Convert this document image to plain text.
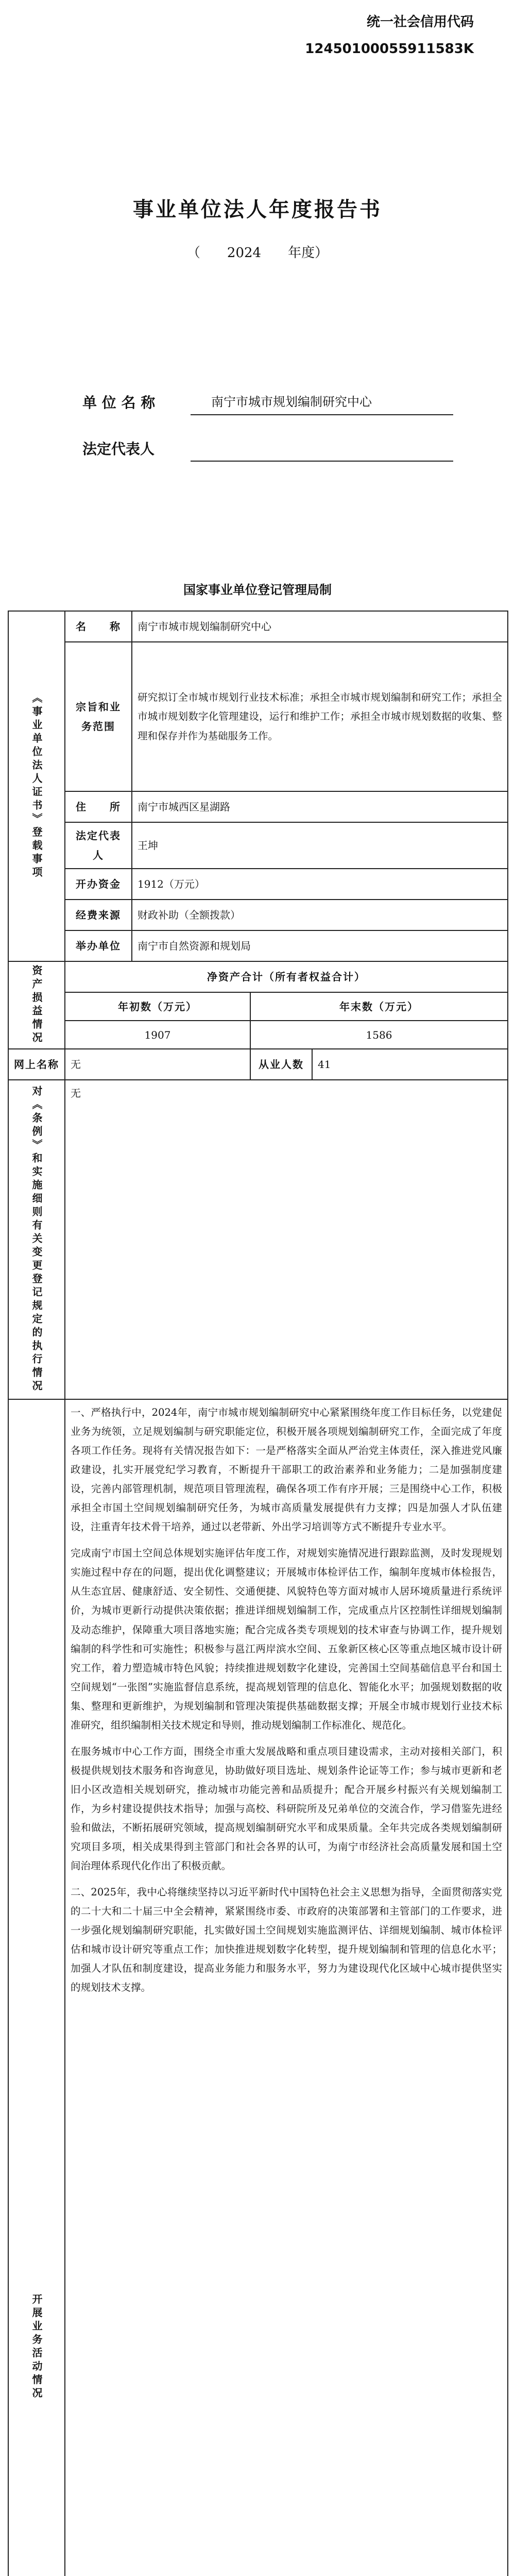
统一社会信用代码
12450100055911583K
事业单位法人年度报告书
（　　2024　　年度）
单 位 名 称	南宁市城市规划编制研究中心
法定代表人
国家事业单位登记管理局制
《事业单位法人证书》登载事项	名　　称	南宁市城市规划编制研究中心		
	宗旨和业务范围	研究拟订全市城市规划行业技术标准；承担全市城市规划编制和研究工作；承担全市城市规划数字化管理建设，运行和维护工作；承担全市城市规划数据的收集、整理和保存并作为基础服务工作。		
	住　　所	南宁市城西区星湖路		
	法定代表人	王坤		
	开办资金	1912（万元）		
	经费来源	财政补助（全额拨款）		
	举办单位	南宁市自然资源和规划局		

资产损益情况	净资产合计（所有者权益合计）			
	年初数（万元）		年末数（万元）	
	1907		1586	
网上名称	无		从业人数	41

对《条例》和实施细则有关变更登记规定的执行情况	无			

开展业务活动情况	一、严格执行中，2024年，南宁市城市规划编制研究中心紧紧围绕年度工作目标任务，以党建促业务为统领，立足规划编制与研究职能定位，积极开展各项规划编制研究工作，全面完成了年度各项工作任务。现将有关情况报告如下：一是严格落实全面从严治党主体责任，深入推进党风廉政建设，扎实开展党纪学习教育，不断提升干部职工的政治素养和业务能力；二是加强制度建设，完善内部管理机制，规范项目管理流程，确保各项工作有序开展；三是围绕中心工作，积极承担全市国土空间规划编制研究任务，为城市高质量发展提供有力支撑；四是加强人才队伍建设，注重青年技术骨干培养，通过以老带新、外出学习培训等方式不断提升专业水平。

完成南宁市国土空间总体规划实施评估年度工作，对规划实施情况进行跟踪监测，及时发现规划实施过程中存在的问题，提出优化调整建议；开展城市体检评估工作，编制年度城市体检报告，从生态宜居、健康舒适、安全韧性、交通便捷、风貌特色等方面对城市人居环境质量进行系统评价，为城市更新行动提供决策依据；推进详细规划编制工作，完成重点片区控制性详细规划编制及动态维护，保障重大项目落地实施；配合完成各类专项规划的技术审查与协调工作，提升规划编制的科学性和可实施性；积极参与邕江两岸滨水空间、五象新区核心区等重点地区城市设计研究工作，着力塑造城市特色风貌；持续推进规划数字化建设，完善国土空间基础信息平台和国土空间规划“一张图”实施监督信息系统，提高规划管理的信息化、智能化水平；加强规划数据的收集、整理和更新维护，为规划编制和管理决策提供基础数据支撑；开展全市城市规划行业技术标准研究，组织编制相关技术规定和导则，推动规划编制工作标准化、规范化。

在服务城市中心工作方面，围绕全市重大发展战略和重点项目建设需求，主动对接相关部门，积极提供规划技术服务和咨询意见，协助做好项目选址、规划条件论证等工作；参与城市更新和老旧小区改造相关规划研究，推动城市功能完善和品质提升；配合开展乡村振兴有关规划编制工作，为乡村建设提供技术指导；加强与高校、科研院所及兄弟单位的交流合作，学习借鉴先进经验和做法，不断拓展研究领域，提高规划编制研究水平和成果质量。全年共完成各类规划编制研究项目多项，相关成果得到主管部门和社会各界的认可，为南宁市经济社会高质量发展和国土空间治理体系现代化作出了积极贡献。

二、2025年，我中心将继续坚持以习近平新时代中国特色社会主义思想为指导，全面贯彻落实党的二十大和二十届三中全会精神，紧紧围绕市委、市政府的决策部署和主管部门的工作要求，进一步强化规划编制研究职能，扎实做好国土空间规划实施监测评估、详细规划编制、城市体检评估和城市设计研究等重点工作；加快推进规划数字化转型，提升规划编制和管理的信息化水平；加强人才队伍和制度建设，提高业务能力和服务水平，努力为建设现代化区域中心城市提供坚实的规划技术支撑。			
